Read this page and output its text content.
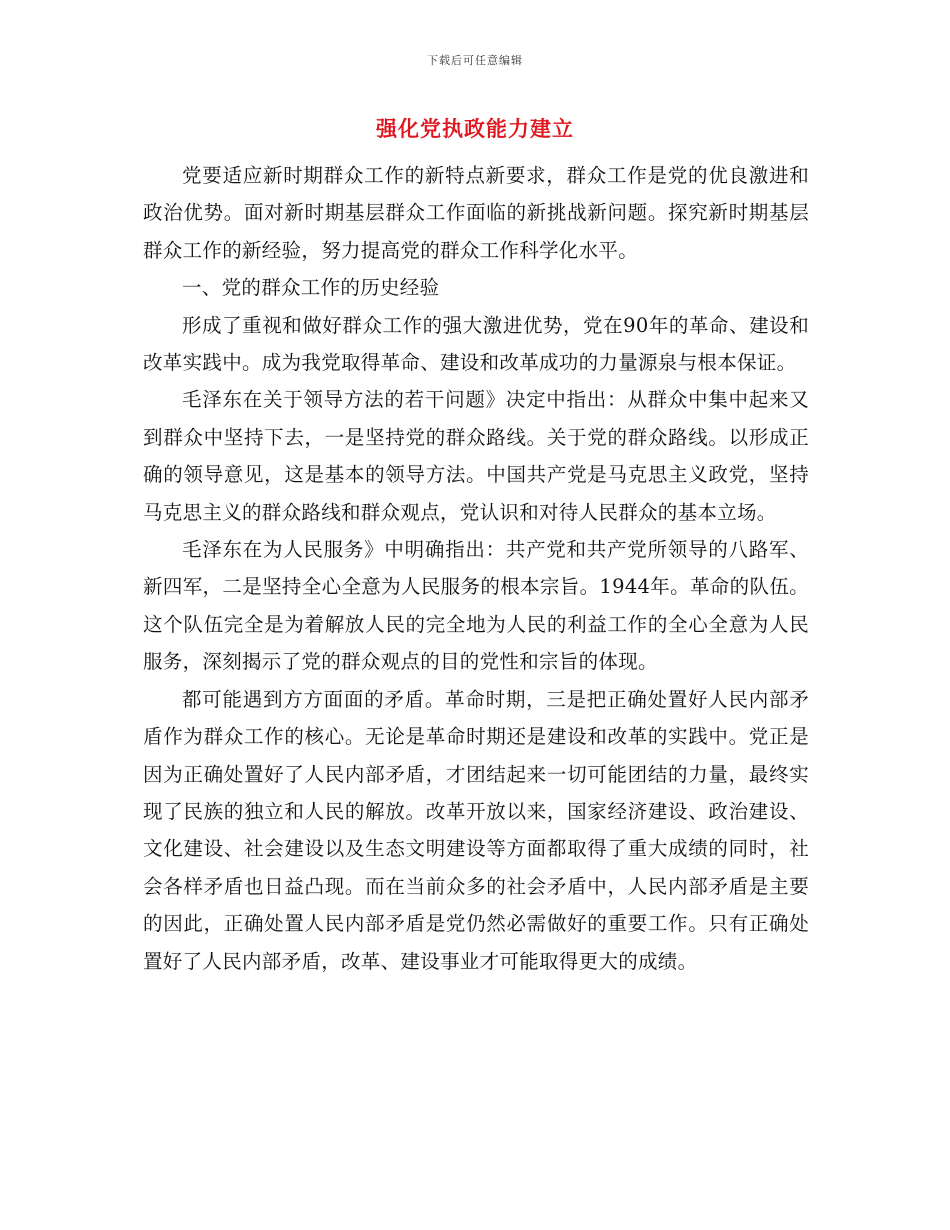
下载后可任意编辑
强化党执政能力建立

党要适应新时期群众工作的新特点新要求，群众工作是党的优良激进和政治优势。面对新时期基层群众工作面临的新挑战新问题。探究新时期基层群众工作的新经验，努力提高党的群众工作科学化水平。

一、党的群众工作的历史经验

形成了重视和做好群众工作的强大激进优势，党在90年的革命、建设和改革实践中。成为我党取得革命、建设和改革成功的力量源泉与根本保证。

毛泽东在关于领导方法的若干问题》决定中指出：从群众中集中起来又到群众中坚持下去，一是坚持党的群众路线。关于党的群众路线。以形成正确的领导意见，这是基本的领导方法。中国共产党是马克思主义政党，坚持马克思主义的群众路线和群众观点，党认识和对待人民群众的基本立场。

毛泽东在为人民服务》中明确指出：共产党和共产党所领导的八路军、新四军，二是坚持全心全意为人民服务的根本宗旨。1944年。革命的队伍。这个队伍完全是为着解放人民的完全地为人民的利益工作的全心全意为人民服务，深刻揭示了党的群众观点的目的党性和宗旨的体现。

都可能遇到方方面面的矛盾。革命时期，三是把正确处置好人民内部矛盾作为群众工作的核心。无论是革命时期还是建设和改革的实践中。党正是因为正确处置好了人民内部矛盾，才团结起来一切可能团结的力量，最终实现了民族的独立和人民的解放。改革开放以来，国家经济建设、政治建设、文化建设、社会建设以及生态文明建设等方面都取得了重大成绩的同时，社会各样矛盾也日益凸现。而在当前众多的社会矛盾中，人民内部矛盾是主要的因此，正确处置人民内部矛盾是党仍然必需做好的重要工作。只有正确处置好了人民内部矛盾，改革、建设事业才可能取得更大的成绩。
